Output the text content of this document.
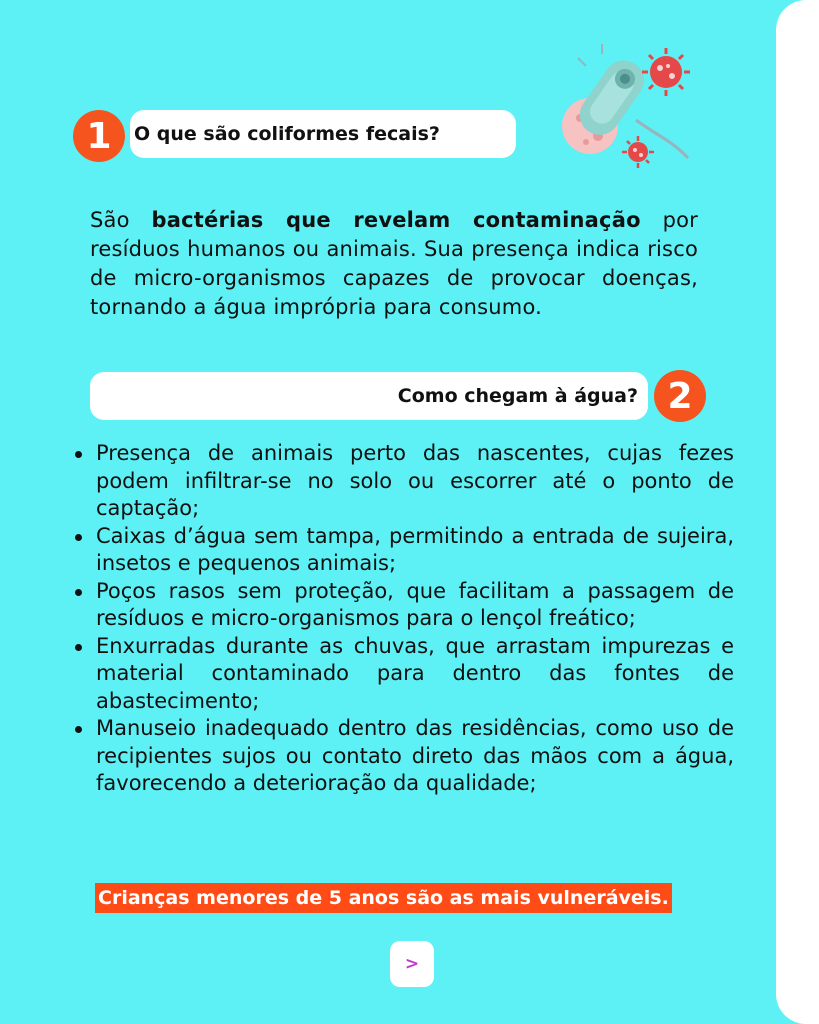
1	O que são coliformes fecais?

São bactérias que revelam contaminação por resíduos humanos ou animais. Sua presença indica risco de micro-organismos capazes de provocar doenças, tornando a água imprópria para consumo.

Como chegam à água? 2
Presença de animais perto das nascentes, cujas fezes podem infiltrar-se no solo ou escorrer até o ponto de captação;
Caixas d’água sem tampa, permitindo a entrada de sujeira, insetos e pequenos animais;
Poços rasos sem proteção, que facilitam a passagem de resíduos e micro-organismos para o lençol freático;
Enxurradas durante as chuvas, que arrastam impurezas e material contaminado para dentro das fontes de abastecimento;
Manuseio inadequado dentro das residências, como uso de recipientes sujos ou contato direto das mãos com a água, favorecendo a deterioração da qualidade;
Crianças menores de 5 anos são as mais vulneráveis.
>
